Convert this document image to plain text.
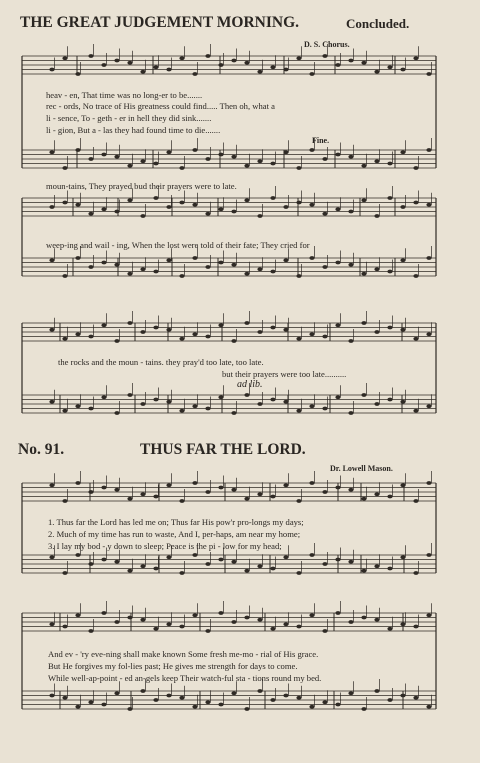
THE GREAT JUDGEMENT MORNING.	Concluded.
D. S. Chorus.
heav - en, That time was no long-er to be.......
rec - ords, No trace of His greatness could find..... Then oh, what a
li - sence, To - geth - er in hell they did sink.......
li - gion, But a - las they had found time to die.......
Fine.
moun-tains, They prayed bud their prayers were to late.
weep-ing and wail - ing, When the lost were told of their fate; They cried for
the rocks and the moun - tains. they pray'd too late, too late.
but their prayers were too late..........
ad lib.
No. 91.	THUS FAR THE LORD.
Dr. Lowell Mason.
1. Thus far the Lord has led me on; Thus far His pow'r pro-longs my days;
2. Much of my time has run to waste, And I, per-haps, am near my home;
3. I lay my bod - y down to sleep; Peace is the pi - low for my head;
And ev - 'ry eve-ning shall make known Some fresh me-mo - rial of His grace.
But He forgives my fol-lies past; He gives me strength for days to come.
While well-ap-point - ed an-gels keep Their watch-ful sta - tions round my bed.
